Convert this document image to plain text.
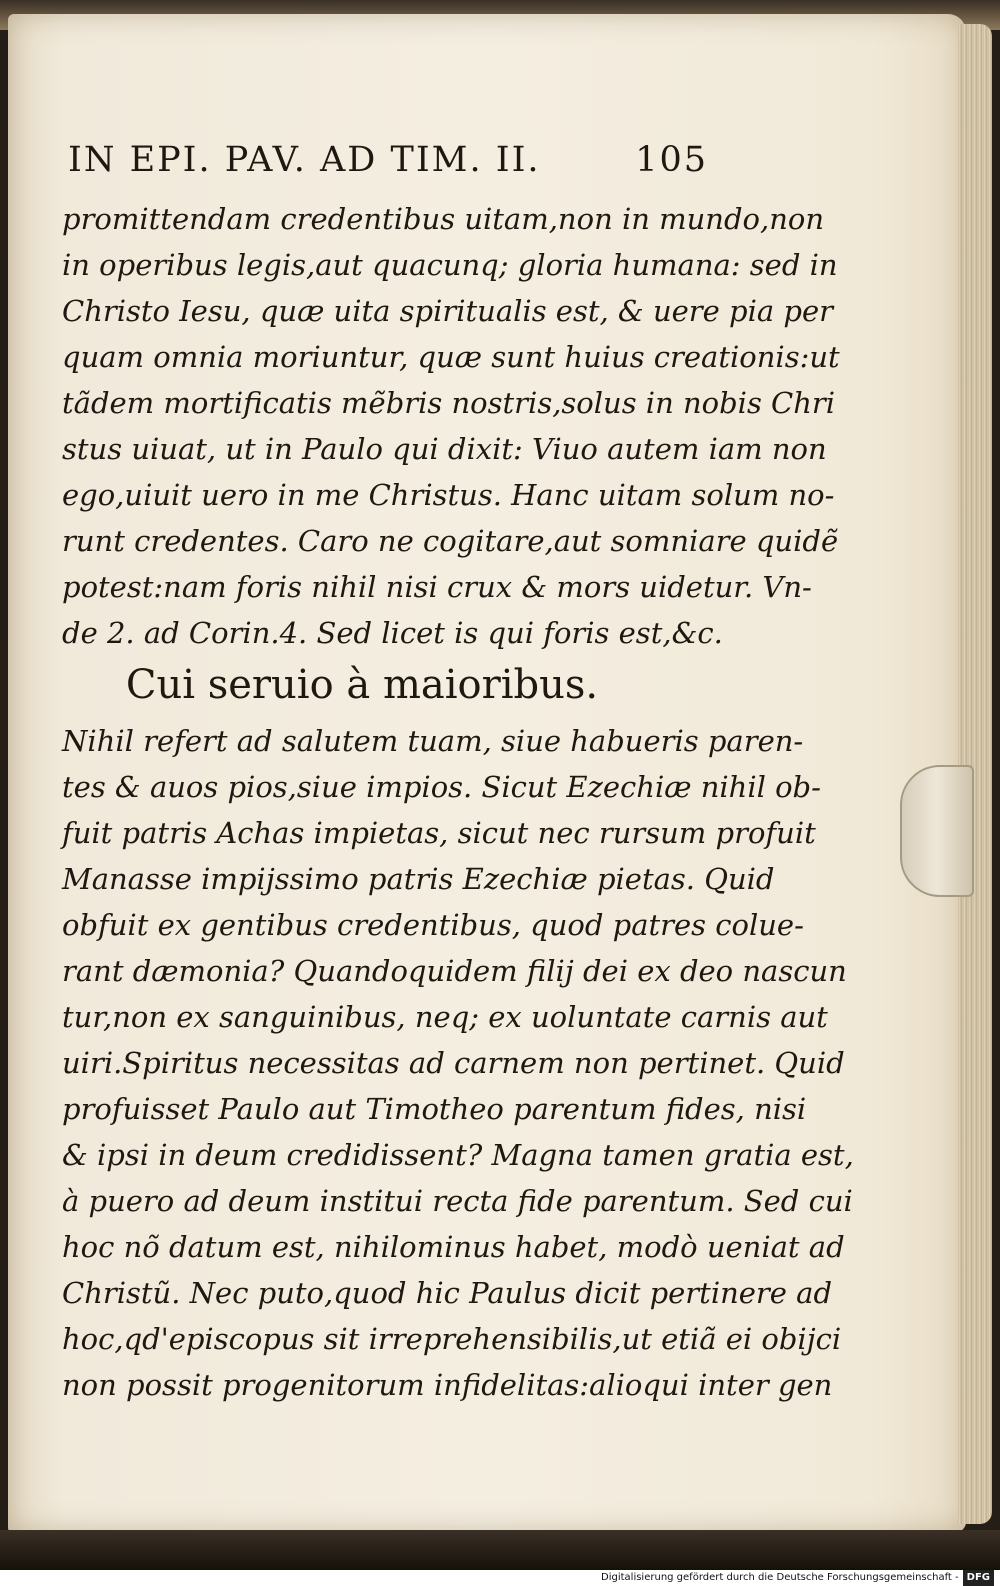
IN EPI. PAV. AD TIM. II.	105
promittendam credentibus uitam,non in mundo,non
in operibus legis,aut quacunq; gloria humana: sed in
Christo Iesu, quæ uita spiritualis est, & uere pia per
quam omnia moriuntur, quæ sunt huius creationis:ut
tãdem mortificatis mẽbris nostris,solus in nobis Chri
stus uiuat, ut in Paulo qui dixit: Viuo autem iam non
ego,uiuit uero in me Christus. Hanc uitam solum no-
runt credentes. Caro ne cogitare,aut somniare quidẽ
potest:nam foris nihil nisi crux & mors uidetur. Vn-
de 2. ad Corin.4. Sed licet is qui foris est,&c.
Cui seruio à maioribus.
Nihil refert ad salutem tuam, siue habueris paren-
tes & auos pios,siue impios. Sicut Ezechiæ nihil ob-
fuit patris Achas impietas, sicut nec rursum profuit
Manasse impijssimo patris Ezechiæ pietas. Quid
obfuit ex gentibus credentibus, quod patres colue-
rant dæmonia? Quandoquidem filij dei ex deo nascun
tur,non ex sanguinibus, neq; ex uoluntate carnis aut
uiri.Spiritus necessitas ad carnem non pertinet. Quid
profuisset Paulo aut Timotheo parentum fides, nisi
& ipsi in deum credidissent? Magna tamen gratia est,
à puero ad deum institui recta fide parentum. Sed cui
hoc nõ datum est, nihilominus habet, modò ueniat ad
Christũ. Nec puto,quod hic Paulus dicit pertinere ad
hoc,qd'episcopus sit irreprehensibilis,ut etiã ei obijci
non possit progenitorum infidelitas:alioqui inter gen
Digitalisierung gefördert durch die Deutsche Forschungsgemeinschaft - DFG
